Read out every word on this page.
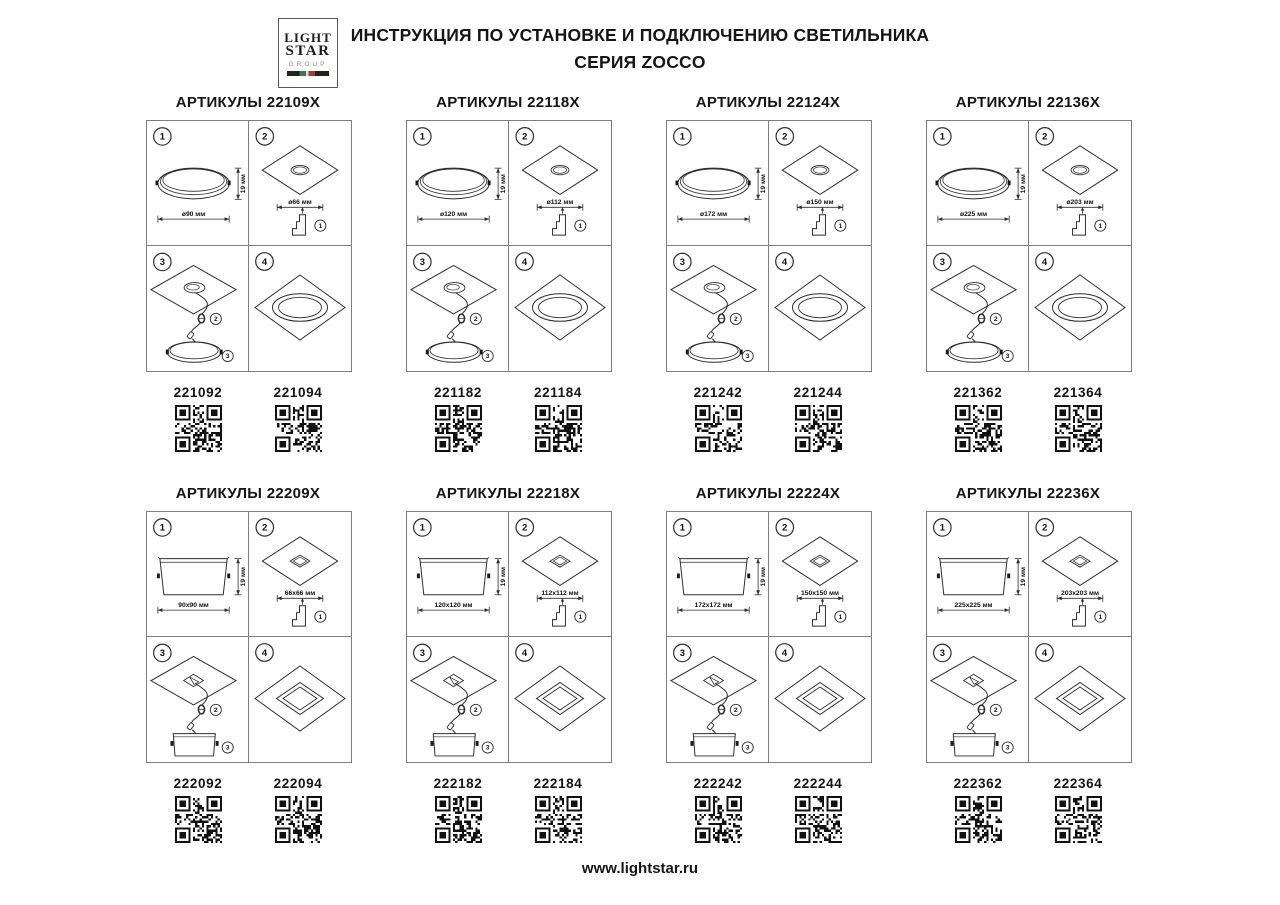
LIGHT
STAR
GROUP
ИНСТРУКЦИЯ ПО УСТАНОВКЕ И ПОДКЛЮЧЕНИЮ СВЕТИЛЬНИКА
СЕРИЯ ZOCCO
АРТИКУЛЫ 22109X
1
19 мм
ø90 мм
2
ø66 мм
1
3
2
3
4
221092	221094
АРТИКУЛЫ 22118X
1
19 мм
ø120 мм
2
ø112 мм
1
3
2
3
4
221182	221184
АРТИКУЛЫ 22124X
1
19 мм
ø172 мм
2
ø150 мм
1
3
2
3
4
221242	221244
АРТИКУЛЫ 22136X
1
19 мм
ø225 мм
2
ø203 мм
1
3
2
3
4
221362	221364
АРТИКУЛЫ 22209X
1
19 мм
90x90 мм
2
66x66 мм
1
3
2
3
4
222092	222094
АРТИКУЛЫ 22218X
1
19 мм
120x120 мм
2
112x112 мм
1
3
2
3
4
222182	222184
АРТИКУЛЫ 22224X
1
19 мм
172x172 мм
2
150x150 мм
1
3
2
3
4
222242	222244
АРТИКУЛЫ 22236X
1
19 мм
225x225 мм
2
203x203 мм
1
3
2
3
4
222362	222364
www.lightstar.ru
